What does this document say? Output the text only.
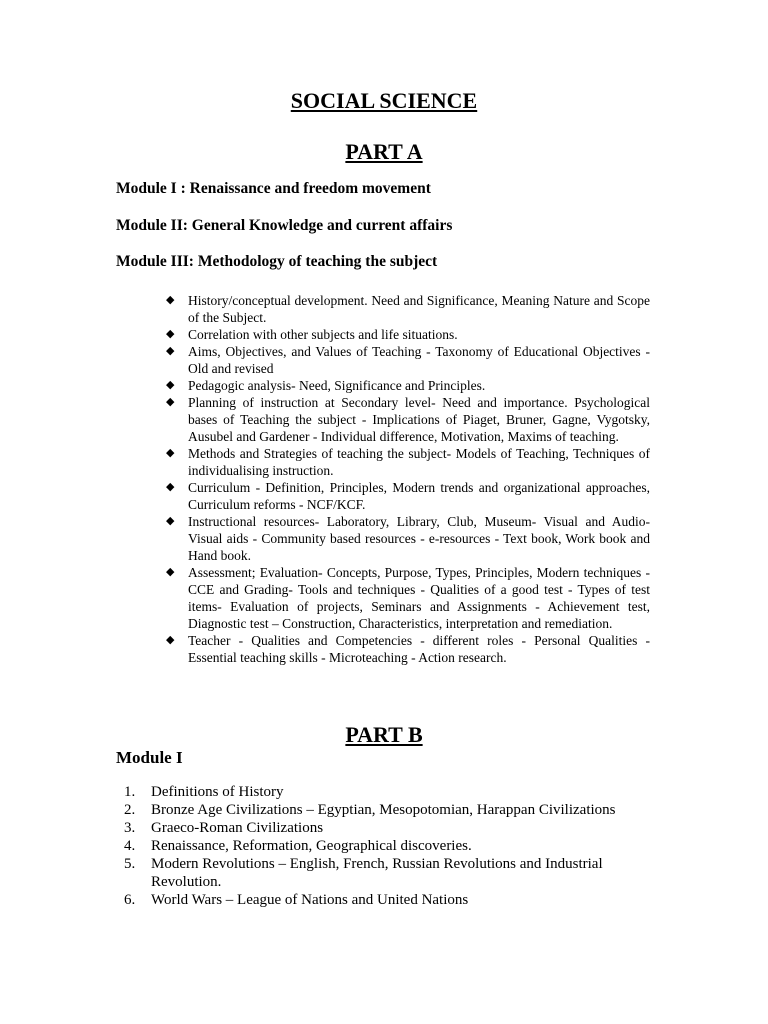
SOCIAL SCIENCE
PART A

Module I : Renaissance and freedom movement

Module II: General Knowledge and current affairs

Module III: Methodology of teaching the subject

◆ History/conceptual development. Need and Significance, Meaning Nature and Scope of the Subject.
◆ Correlation with other subjects and life situations.
◆ Aims, Objectives, and Values of Teaching - Taxonomy of Educational Objectives - Old and revised
◆ Pedagogic analysis- Need, Significance and Principles.
◆ Planning of instruction at Secondary level- Need and importance. Psychological bases of Teaching the subject - Implications of Piaget, Bruner, Gagne, Vygotsky, Ausubel and Gardener - Individual difference, Motivation, Maxims of teaching.
◆ Methods and Strategies of teaching the subject- Models of Teaching, Techniques of individualising instruction.
◆ Curriculum - Definition, Principles, Modern trends and organizational approaches, Curriculum reforms - NCF/KCF.
◆ Instructional resources- Laboratory, Library, Club, Museum- Visual and Audio-Visual aids - Community based resources - e-resources - Text book, Work book and Hand book.
◆ Assessment; Evaluation- Concepts, Purpose, Types, Principles, Modern techniques - CCE and Grading- Tools and techniques - Qualities of a good test - Types of test items- Evaluation of projects, Seminars and Assignments - Achievement test, Diagnostic test – Construction, Characteristics, interpretation and remediation.
◆ Teacher - Qualities and Competencies - different roles - Personal Qualities - Essential teaching skills - Microteaching - Action research.
PART B

Module I

1. Definitions of History
2. Bronze Age Civilizations – Egyptian, Mesopotomian, Harappan Civilizations
3. Graeco-Roman Civilizations
4. Renaissance, Reformation, Geographical discoveries.
5. Modern Revolutions – English, French, Russian Revolutions and Industrial Revolution.
6. World Wars – League of Nations and United Nations
